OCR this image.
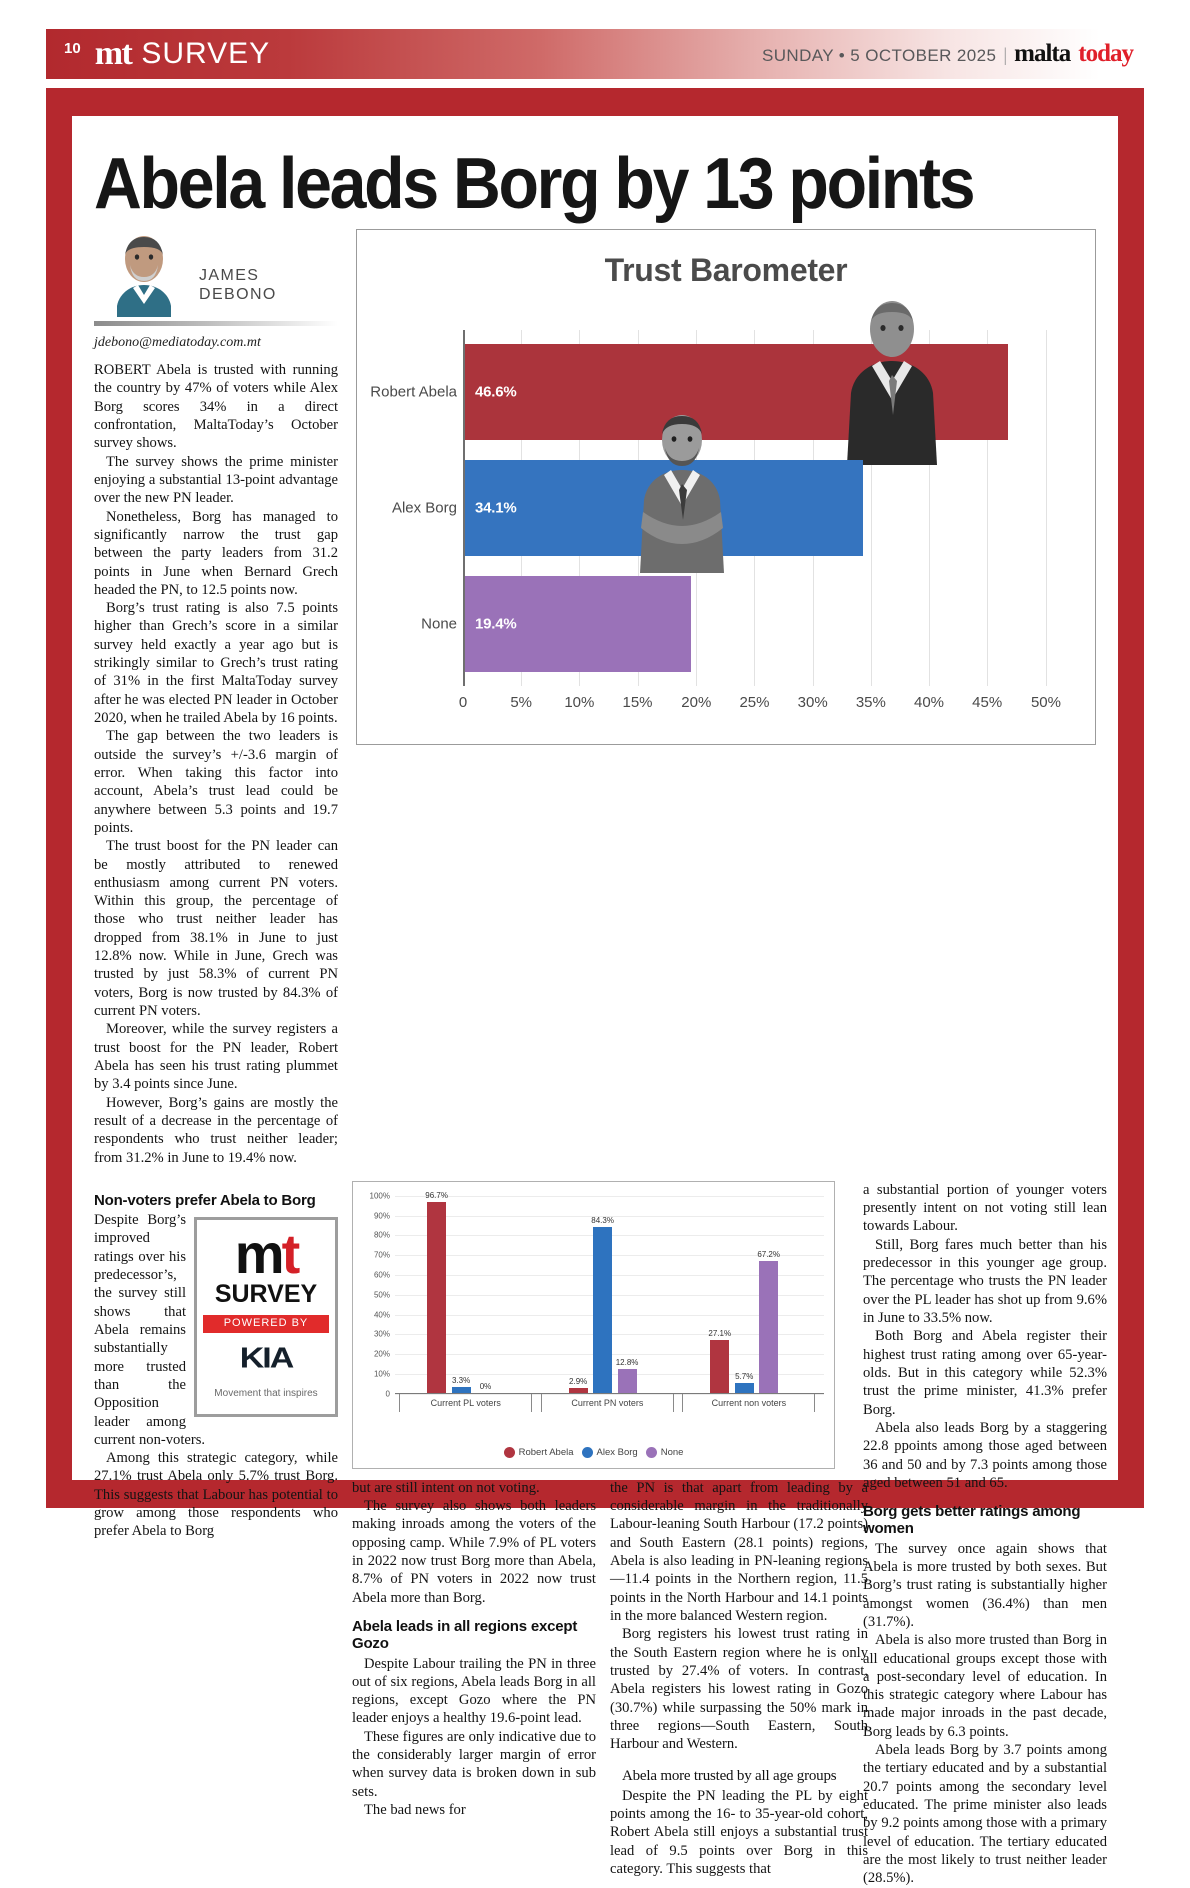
10 mt SURVEY	SUNDAY • 5 OCTOBER 2025 | malta today
Abela leads Borg by 13 points
JAMES
DEBONO
jdebono@mediatoday.com.mt

ROBERT Abela is trusted with running the country by 47% of voters while Alex Borg scores 34% in a direct confrontation, MaltaToday’s October survey shows.

The survey shows the prime minister enjoying a substantial 13-point advantage over the new PN leader.

Nonetheless, Borg has managed to significantly narrow the trust gap between the party leaders from 31.2 points in June when Bernard Grech headed the PN, to 12.5 points now.

Borg’s trust rating is also 7.5 points higher than Grech’s score in a similar survey held exactly a year ago but is strikingly similar to Grech’s trust rating of 31% in the first MaltaToday survey after he was elected PN leader in October 2020, when he trailed Abela by 16 points.

The gap between the two leaders is outside the survey’s +/-3.6 margin of error. When taking this factor into account, Abela’s trust lead could be anywhere between 5.3 points and 19.7 points.

The trust boost for the PN leader can be mostly attributed to renewed enthusiasm among current PN voters. Within this group, the percentage of those who trust neither leader has dropped from 38.1% in June to just 12.8% now. While in June, Grech was trusted by just 58.3% of current PN voters, Borg is now trusted by 84.3% of current PN voters.

Moreover, while the survey registers a trust boost for the PN leader, Robert Abela has seen his trust rating plummet by 3.4 points since June.

However, Borg’s gains are mostly the result of a decrease in the percentage of respondents who trust neither leader; from 31.2% in June to 19.4% now.

Trust Barometer
Robert Abela 46.6%
Alex Borg 34.1%
None 19.4%
0	5% 10% 15% 20% 25% 30% 35% 40% 45% 50%
Non-voters prefer Abela to Borg
mt
SURVEY
POWERED BY
KIA
Movement that inspires

Despite Borg’s improved ratings over his predecessor’s, the survey still shows that Abela remains substantially more trusted than the Opposition leader among current non-voters.

Among this strategic category, while 27.1% trust Abela only 5.7% trust Borg. This suggests that Labour has potential to grow among those respondents who prefer Abela to Borg

100%
90%
80%
70%
60%
50%
40%
30%
20%
10%
0
96.7%
3.3%
0%
2.9%
84.3%
12.8%
27.1%
5.7%
67.2%
Current PL voters	Current PN voters	Current non voters
Robert Abela Alex Borg None

but are still intent on not voting.

The survey also shows both leaders making inroads among the voters of the opposing camp. While 7.9% of PL voters in 2022 now trust Borg more than Abela, 8.7% of PN voters in 2022 now trust Abela more than Borg.

Abela leads in all regions except Gozo

Despite Labour trailing the PN in three out of six regions, Abela leads Borg in all regions, except Gozo where the PN leader enjoys a healthy 19.6-point lead.

These figures are only indicative due to the considerably larger margin of error when survey data is broken down in sub sets.

The bad news for

the PN is that apart from leading by a considerable margin in the traditionally Labour-leaning South Harbour (17.2 points) and South Eastern (28.1 points) regions, Abela is also leading in PN-leaning regions—11.4 points in the Northern region, 11.5 points in the North Harbour and 14.1 points in the more balanced Western region.

Borg registers his lowest trust rating in the South Eastern region where he is only trusted by 27.4% of voters. In contrast, Abela registers his lowest rating in Gozo (30.7%) while surpassing the 50% mark in three regions—South Eastern, South Harbour and Western.

Abela more trusted by all age groups

Despite the PN leading the PL by eight points among the 16- to 35-year-old cohort, Robert Abela still enjoys a substantial trust lead of 9.5 points over Borg in this category. This suggests that

a substantial portion of younger voters presently intent on not voting still lean towards Labour.

Still, Borg fares much better than his predecessor in this younger age group. The percentage who trusts the PN leader over the PL leader has shot up from 9.6% in June to 33.5% now.

Both Borg and Abela register their highest trust rating among over 65-year-olds. But in this category while 52.3% trust the prime minister, 41.3% prefer Borg.

Abela also leads Borg by a staggering 22.8 ppoints among those aged between 36 and 50 and by 7.3 points among those aged between 51 and 65.

Borg gets better ratings among women

The survey once again shows that Abela is more trusted by both sexes. But Borg’s trust rating is substantially higher amongst women (36.4%) than men (31.7%).

Abela is also more trusted than Borg in all educational groups except those with a post-secondary level of education. In this strategic category where Labour has made major inroads in the past decade, Borg leads by 6.3 points.

Abela leads Borg by 3.7 points among the tertiary educated and by a substantial 20.7 points among the secondary level educated. The prime minister also leads by 9.2 points among those with a primary level of education. The tertiary educated are the most likely to trust neither leader (28.5%).
